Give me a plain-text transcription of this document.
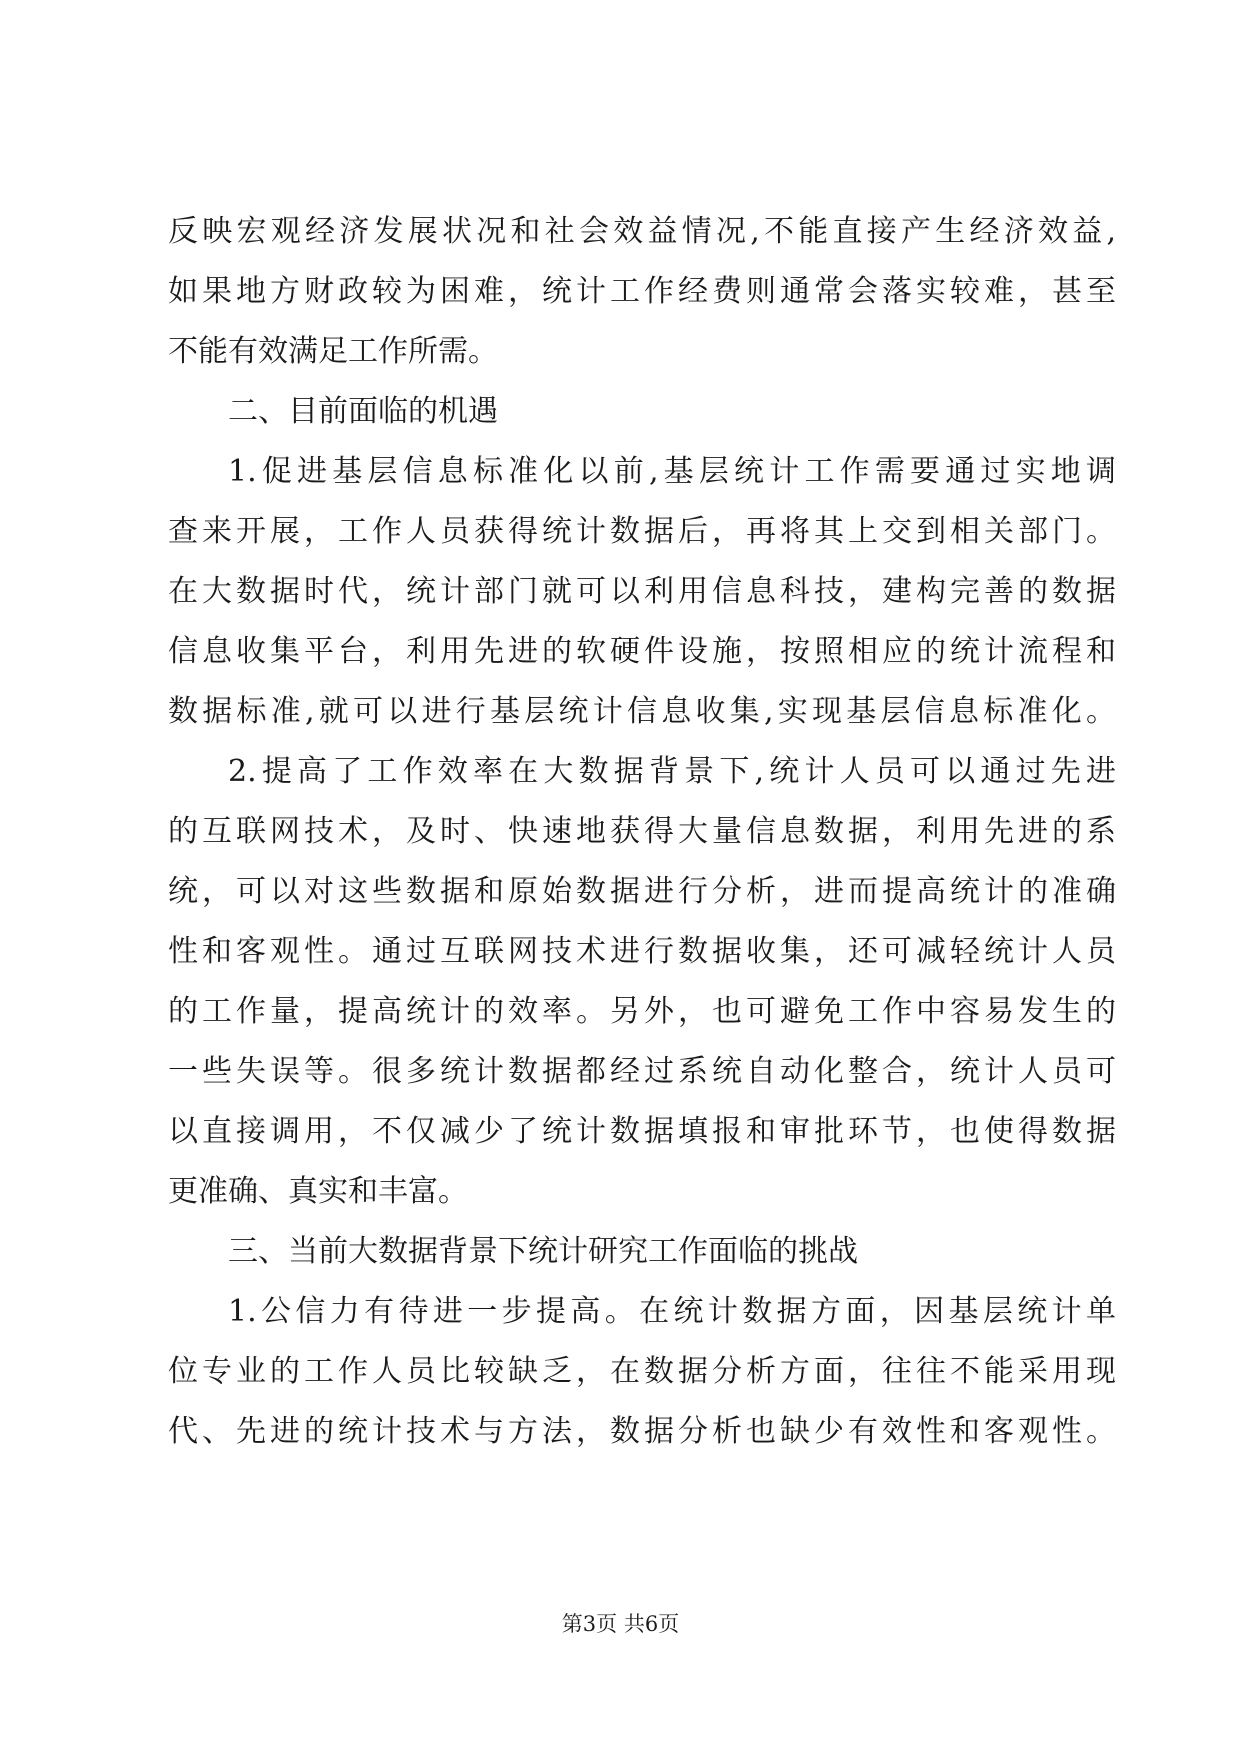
反映宏观经济发展状况和社会效益情况,不能直接产生经济效益,
如果地方财政较为困难，统计工作经费则通常会落实较难，甚至
不能有效满足工作所需。
二、目前面临的机遇
1.促进基层信息标准化以前,基层统计工作需要通过实地调
查来开展，工作人员获得统计数据后，再将其上交到相关部门。
在大数据时代，统计部门就可以利用信息科技，建构完善的数据
信息收集平台，利用先进的软硬件设施，按照相应的统计流程和
数据标准,就可以进行基层统计信息收集,实现基层信息标准化。
2.提高了工作效率在大数据背景下,统计人员可以通过先进
的互联网技术，及时、快速地获得大量信息数据，利用先进的系
统，可以对这些数据和原始数据进行分析，进而提高统计的准确
性和客观性。通过互联网技术进行数据收集，还可减轻统计人员
的工作量，提高统计的效率。另外，也可避免工作中容易发生的
一些失误等。很多统计数据都经过系统自动化整合，统计人员可
以直接调用，不仅减少了统计数据填报和审批环节，也使得数据
更准确、真实和丰富。
三、当前大数据背景下统计研究工作面临的挑战
1.公信力有待进一步提高。在统计数据方面，因基层统计单
位专业的工作人员比较缺乏，在数据分析方面，往往不能采用现
代、先进的统计技术与方法，数据分析也缺少有效性和客观性。
第3页 共6页
